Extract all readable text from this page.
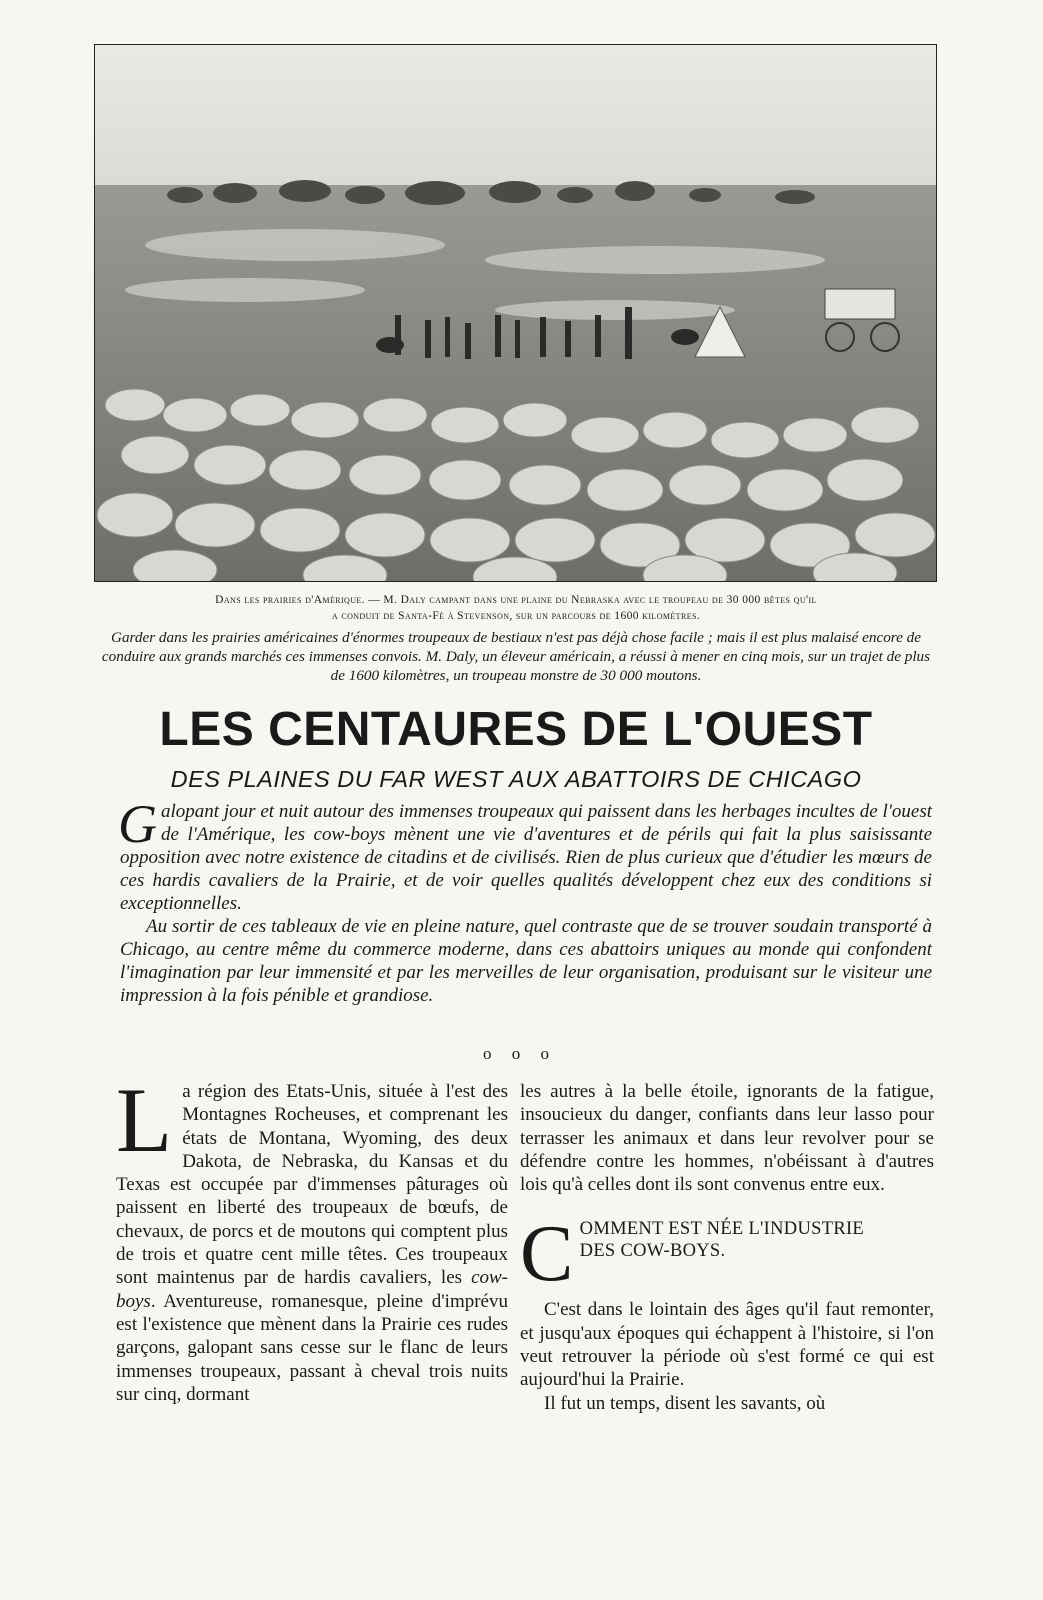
Dans les prairies d'Amérique. — M. Daly campant dans une plaine du Nebraska avec le troupeau de 30 000 bêtes qu'il

a conduit de Santa-Fé à Stevenson, sur un parcours de 1600 kilomètres.

Garder dans les prairies américaines d'énormes troupeaux de bestiaux n'est pas déjà chose facile ; mais il est plus malaisé encore de conduire aux grands marchés ces immenses convois. M. Daly, un éleveur américain, a réussi à mener en cinq mois, sur un trajet de plus de 1600 kilomètres, un troupeau monstre de 30 000 moutons.
LES CENTAURES DE L'OUEST
DES PLAINES DU FAR WEST AUX ABATTOIRS DE CHICAGO

Galopant jour et nuit autour des immenses troupeaux qui paissent dans les herbages incultes de l'ouest de l'Amérique, les cow-boys mènent une vie d'aventures et de périls qui fait la plus saisissante opposition avec notre existence de citadins et de civilisés. Rien de plus curieux que d'étudier les mœurs de ces hardis cavaliers de la Prairie, et de voir quelles qualités développent chez eux des conditions si exceptionnelles.

Au sortir de ces tableaux de vie en pleine nature, quel contraste que de se trouver soudain transporté à Chicago, au centre même du commerce moderne, dans ces abattoirs uniques au monde qui confondent l'imagination par leur immensité et par les merveilles de leur organisation, produisant sur le visiteur une impression à la fois pénible et grandiose.

o o o

La région des Etats-Unis, située à l'est des Montagnes Rocheuses, et comprenant les états de Montana, Wyoming, des deux Dakota, de Nebraska, du Kansas et du Texas est occupée par d'immenses pâturages où paissent en liberté des troupeaux de bœufs, de chevaux, de porcs et de moutons qui comptent plus de trois et quatre cent mille têtes. Ces troupeaux sont maintenus par de hardis cavaliers, les cow-boys. Aventureuse, romanesque, pleine d'imprévu est l'existence que mènent dans la Prairie ces rudes garçons, galopant sans cesse sur le flanc de leurs immenses troupeaux, passant à cheval trois nuits sur cinq, dormant

les autres à la belle étoile, ignorants de la fatigue, insoucieux du danger, confiants dans leur lasso pour terrasser les animaux et dans leur revolver pour se défendre contre les hommes, n'obéissant à d'autres lois qu'à celles dont ils sont convenus entre eux.

C OMMENT EST NÉE L'INDUSTRIE
DES COW-BOYS.

C'est dans le lointain des âges qu'il faut remonter, et jusqu'aux époques qui échappent à l'histoire, si l'on veut retrouver la période où s'est formé ce qui est aujourd'hui la Prairie.

Il fut un temps, disent les savants, où
